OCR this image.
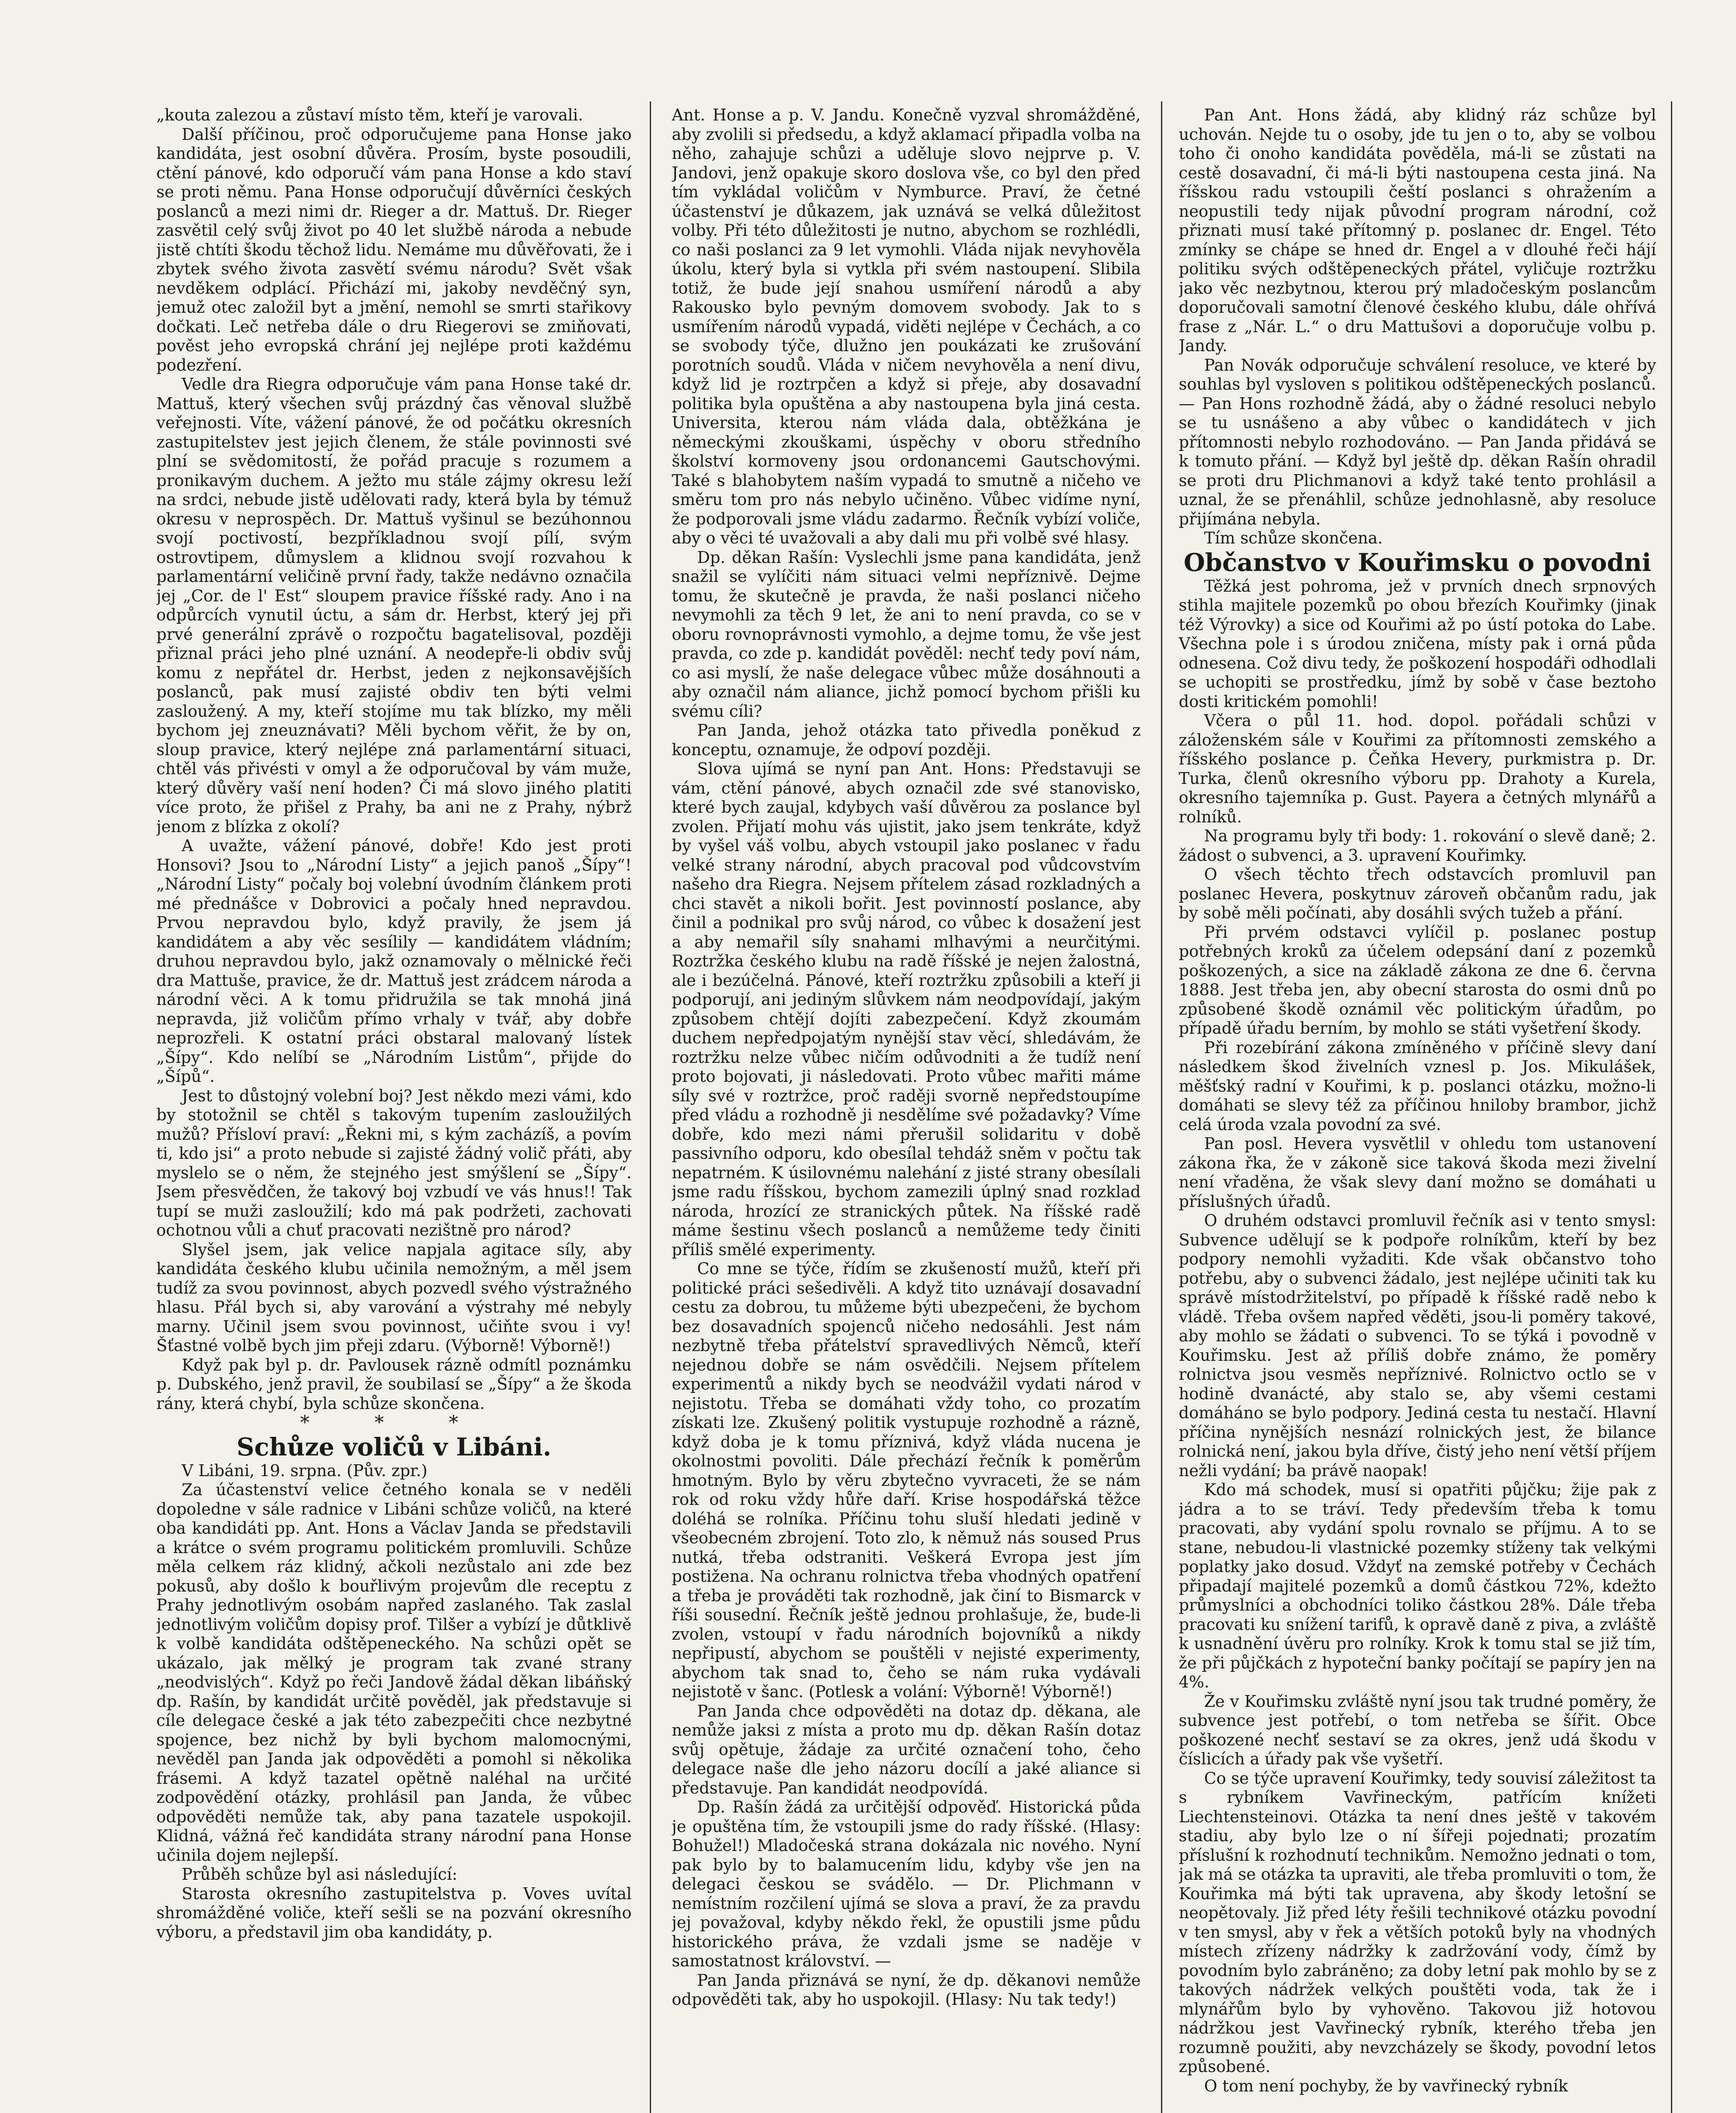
„kouta zalezou a zůstaví místo těm, kteří je varovali.

Další příčinou, proč odporučujeme pana Honse jako kandidáta, jest osobní důvěra. Prosím, byste posoudili, ctění pánové, kdo odporučí vám pana Honse a kdo staví se proti němu. Pana Honse odporučují důvěrníci českých poslanců a mezi nimi dr. Rieger a dr. Mattuš. Dr. Rieger zasvětil celý svůj život po 40 let službě národa a nebude jistě chtíti škodu těchož lidu. Nemáme mu důvěřovati, že i zbytek svého života zasvětí svému národu? Svět však nevděkem odplácí. Přichází mi, jakoby nevděčný syn, jemuž otec založil byt a jmění, nemohl se smrti stařikovy dočkati. Leč netřeba dále o dru Riegerovi se zmiňovati, pověst jeho evropská chrání jej nejlépe proti každému podezření.

Vedle dra Riegra odporučuje vám pana Honse také dr. Mattuš, který všechen svůj prázdný čas věnoval službě veřejnosti. Víte, vážení pánové, že od počátku okresních zastupitelstev jest jejich členem, že stále povinnosti své plní se svědomitostí, že pořád pracuje s rozumem a pronikavým duchem. A ježto mu stále zájmy okresu leží na srdci, nebude jistě udělovati rady, která byla by témuž okresu v neprospěch. Dr. Mattuš vyšinul se bezúhonnou svojí poctivostí, bezpříkladnou svojí pílí, svým ostrovtipem, důmyslem a klidnou svojí rozvahou k parlamentární veličině první řady, takže nedávno označila jej „Cor. de l' Est“ sloupem pravice říšské rady. Ano i na odpůrcích vynutil úctu, a sám dr. Herbst, který jej při prvé generální zprávě o rozpočtu bagatelisoval, později přiznal práci jeho plné uznání. A neodepře-li obdiv svůj komu z nepřátel dr. Herbst, jeden z nejkonsavějších poslanců, pak musí zajisté obdiv ten býti velmi zasloužený. A my, kteří stojíme mu tak blízko, my měli bychom jej zneuznávati? Měli bychom věřit, že by on, sloup pravice, který nejlépe zná parlamentární situaci, chtěl vás přivésti v omyl a že odporučoval by vám muže, který důvěry vaší není hoden? Či má slovo jiného platiti více proto, že přišel z Prahy, ba ani ne z Prahy, nýbrž jenom z blízka z okolí?

A uvažte, vážení pánové, dobře! Kdo jest proti Honsovi? Jsou to „Národní Listy“ a jejich panoš „Šípy“! „Národní Listy“ počaly boj volební úvodním článkem proti mé přednášce v Dobrovici a počaly hned nepravdou. Prvou nepravdou bylo, když pravily, že jsem já kandidátem a aby věc sesílily — kandidátem vládním; druhou nepravdou bylo, jakž oznamovaly o mělnické řeči dra Mattuše, pravice, že dr. Mattuš jest zrádcem národa a národní věci. A k tomu přidružila se tak mnohá jiná nepravda, již voličům přímo vrhaly v tvář, aby dobře neprozřeli. K ostatní práci obstaral malovaný lístek „Šípy“. Kdo nelíbí se „Národním Listům“, přijde do „Šípů“.

Jest to důstojný volební boj? Jest někdo mezi vámi, kdo by stotožnil se chtěl s takovým tupením zasloužilých mužů? Přísloví praví: „Řekni mi, s kým zacházíš, a povím ti, kdo jsi“ a proto nebude si zajisté žádný volič přáti, aby myslelo se o něm, že stejného jest smýšlení se „Šípy“. Jsem přesvědčen, že takový boj vzbudí ve vás hnus!! Tak tupí se muži zasloužilí; kdo má pak podržeti, zachovati ochotnou vůli a chuť pracovati nezištně pro národ?

Slyšel jsem, jak velice napjala agitace síly, aby kandidáta českého klubu učinila nemožným, a měl jsem tudíž za svou povinnost, abych pozvedl svého výstražného hlasu. Přál bych si, aby varování a výstrahy mé nebyly marny. Učinil jsem svou povinnost, učiňte svou i vy! Šťastné volbě bych jim přeji zdaru. (Výborně! Výborně!)

Když pak byl p. dr. Pavlousek rázně odmítl poznámku p. Dubského, jenž pravil, že soubilasí se „Šípy“ a že škoda rány, která chybí, byla schůze skončena.

* * *

Schůze voličů v Libáni.

V Libáni, 19. srpna. (Pův. zpr.)

Za účastenství velice četného konala se v neděli dopoledne v sále radnice v Libáni schůze voličů, na které oba kandidáti pp. Ant. Hons a Václav Janda se představili a krátce o svém programu politickém promluvili. Schůze měla celkem ráz klidný, ačkoli nezůstalo ani zde bez pokusů, aby došlo k bouřlivým projevům dle receptu z Prahy jednotlivým osobám napřed zaslaného. Tak zaslal jednotlivým voličům dopisy prof. Tilšer a vybízí je důtklivě k volbě kandidáta odštěpeneckého. Na schůzi opět se ukázalo, jak mělký je program tak zvané strany „neodvislých“. Když po řeči Jandově žádal děkan libáňský dp. Rašín, by kandidát určitě pověděl, jak představuje si cíle delegace české a jak této zabezpečiti chce nezbytné spojence, bez nichž by byli bychom malomocnými, nevěděl pan Janda jak odpověděti a pomohl si několika frásemi. A když tazatel opětně naléhal na určité zodpovědění otázky, prohlásil pan Janda, že vůbec odpověděti nemůže tak, aby pana tazatele uspokojil. Klidná, vážná řeč kandidáta strany národní pana Honse učinila dojem nejlepší.

Průběh schůze byl asi následující:

Starosta okresního zastupitelstva p. Voves uvítal shromážděné voliče, kteří sešli se na pozvání okresního výboru, a představil jim oba kandidáty, p.

Ant. Honse a p. V. Jandu. Konečně vyzval shromážděné, aby zvolili si předsedu, a když aklamací připadla volba na něho, zahajuje schůzi a uděluje slovo nejprve p. V. Jandovi, jenž opakuje skoro doslova vše, co byl den před tím vykládal voličům v Nymburce. Praví, že četné účastenství je důkazem, jak uznává se velká důležitost volby. Při této důležitosti je nutno, abychom se rozhlédli, co naši poslanci za 9 let vymohli. Vláda nijak nevyhověla úkolu, který byla si vytkla při svém nastoupení. Slibila totiž, že bude její snahou usmíření národů a aby Rakousko bylo pevným domovem svobody. Jak to s usmířením národů vypadá, viděti nejlépe v Čechách, a co se svobody týče, dlužno jen poukázati ke zrušování porotních soudů. Vláda v ničem nevyhověla a není divu, když lid je roztrpčen a když si přeje, aby dosavadní politika byla opuštěna a aby nastoupena byla jiná cesta. Universita, kterou nám vláda dala, obtěžkána je německými zkouškami, úspěchy v oboru středního školství kormoveny jsou ordonancemi Gautschovými. Také s blahobytem naším vypadá to smutně a ničeho ve směru tom pro nás nebylo učiněno. Vůbec vidíme nyní, že podporovali jsme vládu zadarmo. Řečník vybízí voliče, aby o věci té uvažovali a aby dali mu při volbě své hlasy.

Dp. děkan Rašín: Vyslechli jsme pana kandidáta, jenž snažil se vylíčiti nám situaci velmi nepříznivě. Dejme tomu, že skutečně je pravda, že naši poslanci ničeho nevymohli za těch 9 let, že ani to není pravda, co se v oboru rovnoprávnosti vymohlo, a dejme tomu, že vše jest pravda, co zde p. kandidát pověděl: nechť tedy poví nám, co asi myslí, že naše delegace vůbec může dosáhnouti a aby označil nám aliance, jichž pomocí bychom přišli ku svému cíli?

Pan Janda, jehož otázka tato přivedla poněkud z konceptu, oznamuje, že odpoví později.

Slova ujímá se nyní pan Ant. Hons: Představuji se vám, ctění pánové, abych označil zde své stanovisko, které bych zaujal, kdybych vaší důvěrou za poslance byl zvolen. Přijatí mohu vás ujistit, jako jsem tenkráte, když by vyšel váš volbu, abych vstoupil jako poslanec v řadu velké strany národní, abych pracoval pod vůdcovstvím našeho dra Riegra. Nejsem přítelem zásad rozkladných a chci stavět a nikoli bořit. Jest povinností poslance, aby činil a podnikal pro svůj národ, co vůbec k dosažení jest a aby nemařil síly snahami mlhavými a neurčitými. Roztržka českého klubu na radě říšské je nejen žalostná, ale i bezúčelná. Pánové, kteří roztržku způsobili a kteří ji podporují, ani jediným slůvkem nám neodpovídají, jakým způsobem chtějí dojíti zabezpečení. Když zkoumám duchem nepředpojatým nynější stav věcí, shledávám, že roztržku nelze vůbec ničím odůvodniti a že tudíž není proto bojovati, ji následovati. Proto vůbec mařiti máme síly své v roztržce, proč raději svorně nepředstoupíme před vládu a rozhodně ji nesdělíme své požadavky? Víme dobře, kdo mezi námi přerušil solidaritu v době passivního odporu, kdo obesílal tehdáž sněm v počtu tak nepatrném. K úsilovnému nalehání z jisté strany obesílali jsme radu říšskou, bychom zamezili úplný snad rozklad národa, hrozící ze stranických půtek. Na říšské radě máme šestinu všech poslanců a nemůžeme tedy činiti příliš smělé experimenty.

Co mne se týče, řídím se zkušeností mužů, kteří při politické práci sešedivěli. A když tito uznávají dosavadní cestu za dobrou, tu můžeme býti ubezpečeni, že bychom bez dosavadních spojenců ničeho nedosáhli. Jest nám nezbytně třeba přátelství spravedlivých Němců, kteří nejednou dobře se nám osvědčili. Nejsem přítelem experimentů a nikdy bych se neodvážil vydati národ v nejistotu. Třeba se domáhati vždy toho, co prozatím získati lze. Zkušený politik vystupuje rozhodně a rázně, když doba je k tomu příznivá, když vláda nucena je okolnostmi povoliti. Dále přechází řečník k poměrům hmotným. Bylo by věru zbytečno vyvraceti, že se nám rok od roku vždy hůře daří. Krise hospodářská těžce doléhá se rolníka. Příčinu tohu sluší hledati jedině v všeobecném zbrojení. Toto zlo, k němuž nás soused Prus nutká, třeba odstraniti. Veškerá Evropa jest jím postižena. Na ochranu rolnictva třeba vhodných opatření a třeba je prováděti tak rozhodně, jak činí to Bismarck v říši sousední. Řečník ještě jednou prohlašuje, že, bude-li zvolen, vstoupí v řadu národních bojovníků a nikdy nepřipustí, abychom se pouštěli v nejisté experimenty, abychom tak snad to, čeho se nám ruka vydávali nejistotě v šanc. (Potlesk a volání: Výborně! Výborně!)

Pan Janda chce odpověděti na dotaz dp. děkana, ale nemůže jaksi z místa a proto mu dp. děkan Rašín dotaz svůj opětuje, žádaje za určité označení toho, čeho delegace naše dle jeho názoru docílí a jaké aliance si představuje. Pan kandidát neodpovídá.

Dp. Rašín žádá za určitější odpověď. Historická půda je opuštěna tím, že vstoupili jsme do rady říšské. (Hlasy: Bohužel!) Mladočeská strana dokázala nic nového. Nyní pak bylo by to balamucením lidu, kdyby vše jen na delegaci českou se svádělo. — Dr. Plichmann v nemístním rozčilení ujímá se slova a praví, že za pravdu jej považoval, kdyby někdo řekl, že opustili jsme půdu historického práva, že vzdali jsme se naděje v samostatnost království. —

Pan Janda přiznává se nyní, že dp. děkanovi nemůže odpověděti tak, aby ho uspokojil. (Hlasy: Nu tak tedy!)

Pan Ant. Hons žádá, aby klidný ráz schůze byl uchován. Nejde tu o osoby, jde tu jen o to, aby se volbou toho či onoho kandidáta pověděla, má-li se zůstati na cestě dosavadní, či má-li býti nastoupena cesta jiná. Na říšskou radu vstoupili čeští poslanci s ohražením a neopustili tedy nijak původní program národní, což přiznati musí také přítomný p. poslanec dr. Engel. Této zmínky se chápe se hned dr. Engel a v dlouhé řeči hájí politiku svých odštěpeneckých přátel, vyličuje roztržku jako věc nezbytnou, kterou prý mladočeským poslancům doporučovali samotní členové českého klubu, dále ohřívá frase z „Nár. L.“ o dru Mattušovi a doporučuje volbu p. Jandy.

Pan Novák odporučuje schválení resoluce, ve které by souhlas byl vysloven s politikou odštěpeneckých poslanců. — Pan Hons rozhodně žádá, aby o žádné resoluci nebylo se tu usnášeno a aby vůbec o kandidátech v jich přítomnosti nebylo rozhodováno. — Pan Janda přidává se k tomuto přání. — Když byl ještě dp. děkan Rašín ohradil se proti dru Plichmanovi a když také tento prohlásil a uznal, že se přenáhlil, schůze jednohlasně, aby resoluce přijímána nebyla.

Tím schůze skončena.

Občanstvo v Kouřimsku o povodni

Těžká jest pohroma, jež v prvních dnech srpnových stihla majitele pozemků po obou březích Kouřimky (jinak též Výrovky) a sice od Kouřimi až po ústí potoka do Labe. Všechna pole i s úrodou zničena, místy pak i orná půda odnesena. Což divu tedy, že poškození hospodáři odhodlali se uchopiti se prostředku, jímž by sobě v čase beztoho dosti kritickém pomohli!

Včera o půl 11. hod. dopol. pořádali schůzi v záloženském sále v Kouřimi za přítomnosti zemského a říšského poslance p. Čeňka Hevery, purkmistra p. Dr. Turka, členů okresního výboru pp. Drahoty a Kurela, okresního tajemníka p. Gust. Payera a četných mlynářů a rolníků.

Na programu byly tři body: 1. rokování o slevě daně; 2. žádost o subvenci, a 3. upravení Kouřimky.

O všech těchto třech odstavcích promluvil pan poslanec Hevera, poskytnuv zároveň občanům radu, jak by sobě měli počínati, aby dosáhli svých tužeb a přání.

Při prvém odstavci vylíčil p. poslanec postup potřebných kroků za účelem odepsání daní z pozemků poškozených, a sice na základě zákona ze dne 6. června 1888. Jest třeba jen, aby obecní starosta do osmi dnů po způsobené škodě oznámil věc politickým úřadům, po případě úřadu berním, by mohlo se státi vyšetření škody.

Při rozebírání zákona zmíněného v příčině slevy daní následkem škod živelních vznesl p. Jos. Mikulášek, měšťský radní v Kouřimi, k p. poslanci otázku, možno-li domáhati se slevy též za příčinou hniloby brambor, jichž celá úroda vzala povodní za své.

Pan posl. Hevera vysvětlil v ohledu tom ustanovení zákona řka, že v zákoně sice taková škoda mezi živelní není vřaděna, že však slevy daní možno se domáhati u příslušných úřadů.

O druhém odstavci promluvil řečník asi v tento smysl: Subvence udělují se k podpoře rolníkům, kteří by bez podpory nemohli vyžaditi. Kde však občanstvo toho potřebu, aby o subvenci žádalo, jest nejlépe učiniti tak ku správě místodržitelství, po případě k říšské radě nebo k vládě. Třeba ovšem napřed věděti, jsou-li poměry takové, aby mohlo se žádati o subvenci. To se týká i povodně v Kouřimsku. Jest až příliš dobře známo, že poměry rolnictva jsou vesměs nepříznivé. Rolnictvo octlo se v hodině dvanácté, aby stalo se, aby všemi cestami domáháno se bylo podpory. Jediná cesta tu nestačí. Hlavní příčina nynějších nesnází rolnických jest, že bilance rolnická není, jakou byla dříve, čistý jeho není větší příjem nežli vydání; ba právě naopak!

Kdo má schodek, musí si opatřiti půjčku; žije pak z jádra a to se tráví. Tedy především třeba k tomu pracovati, aby vydání spolu rovnalo se příjmu. A to se stane, nebudou-li vlastnické pozemky stíženy tak velkými poplatky jako dosud. Vždyť na zemské potřeby v Čechách připadají majitelé pozemků a domů částkou 72%, kdežto průmyslníci a obchodníci toliko částkou 28%. Dále třeba pracovati ku snížení tarifů, k opravě daně z piva, a zvláště k usnadnění úvěru pro rolníky. Krok k tomu stal se již tím, že při půjčkách z hypoteční banky počítají se papíry jen na 4%.

Že v Kouřimsku zvláště nyní jsou tak trudné poměry, že subvence jest potřebí, o tom netřeba se šířit. Obce poškozené nechť sestaví se za okres, jenž udá škodu v číslicích a úřady pak vše vyšetří.

Co se týče upravení Kouřimky, tedy souvisí záležitost ta s rybníkem Vavřineckým, patřícím knížeti Liechtensteinovi. Otázka ta není dnes ještě v takovém stadiu, aby bylo lze o ní šířeji pojednati; prozatím příslušní k rozhodnutí technikům. Nemožno jednati o tom, jak má se otázka ta upraviti, ale třeba promluviti o tom, že Kouřimka má býti tak upravena, aby škody letošní se neopětovaly. Již před léty řešili technikové otázku povodní v ten smysl, aby v řek a větších potoků byly na vhodných místech zřízeny nádržky k zadržování vody, čímž by povodním bylo zabráněno; za doby letní pak mohlo by se z takových nádržek velkých pouštěti voda, tak že i mlynářům bylo by vyhověno. Takovou již hotovou nádržkou jest Vavřinecký rybník, kterého třeba jen rozumně použiti, aby nevzcházely se škody, povodní letos způsobené.

O tom není pochyby, že by vavřinecký rybník
